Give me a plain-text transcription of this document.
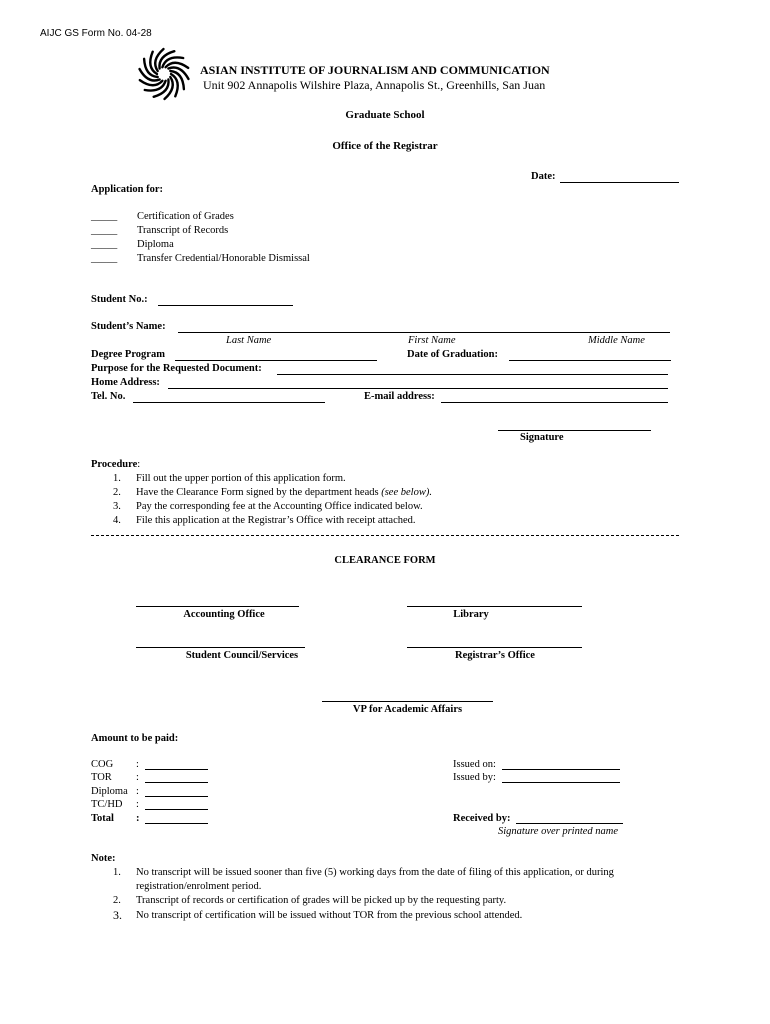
AIJC GS Form No. 04-28
ASIAN INSTITUTE OF JOURNALISM AND COMMUNICATION
Unit 902 Annapolis Wilshire Plaza, Annapolis St., Greenhills, San Juan
Graduate School
Office of the Registrar
Date:
Application for:
_____ Certification of Grades
_____ Transcript of Records
_____ Diploma
_____ Transfer Credential/Honorable Dismissal
Student No.:
Student’s Name:
Last Name	First Name	Middle Name
Degree Program	Date of Graduation:
Purpose for the Requested Document:
Home Address:
Tel. No.	E-mail address:
Signature
Procedure:
1. Fill out the upper portion of this application form.
2. Have the Clearance Form signed by the department heads (see below).
3. Pay the corresponding fee at the Accounting Office indicated below.
4. File this application at the Registrar’s Office with receipt attached.
CLEARANCE FORM
Accounting Office	Library
Student Council/Services	Registrar’s Office
VP for Academic Affairs
Amount to be paid:
COG :
TOR :
Diploma :
TC/HD :
Total :
Issued on:
Issued by:
Received by:
Signature over printed name
Note:
1. No transcript will be issued sooner than five (5) working days from the date of filing of this application, or during
registration/enrolment period.
2. Transcript of records or certification of grades will be picked up by the requesting party.
3. No transcript of certification will be issued without TOR from the previous school attended.
